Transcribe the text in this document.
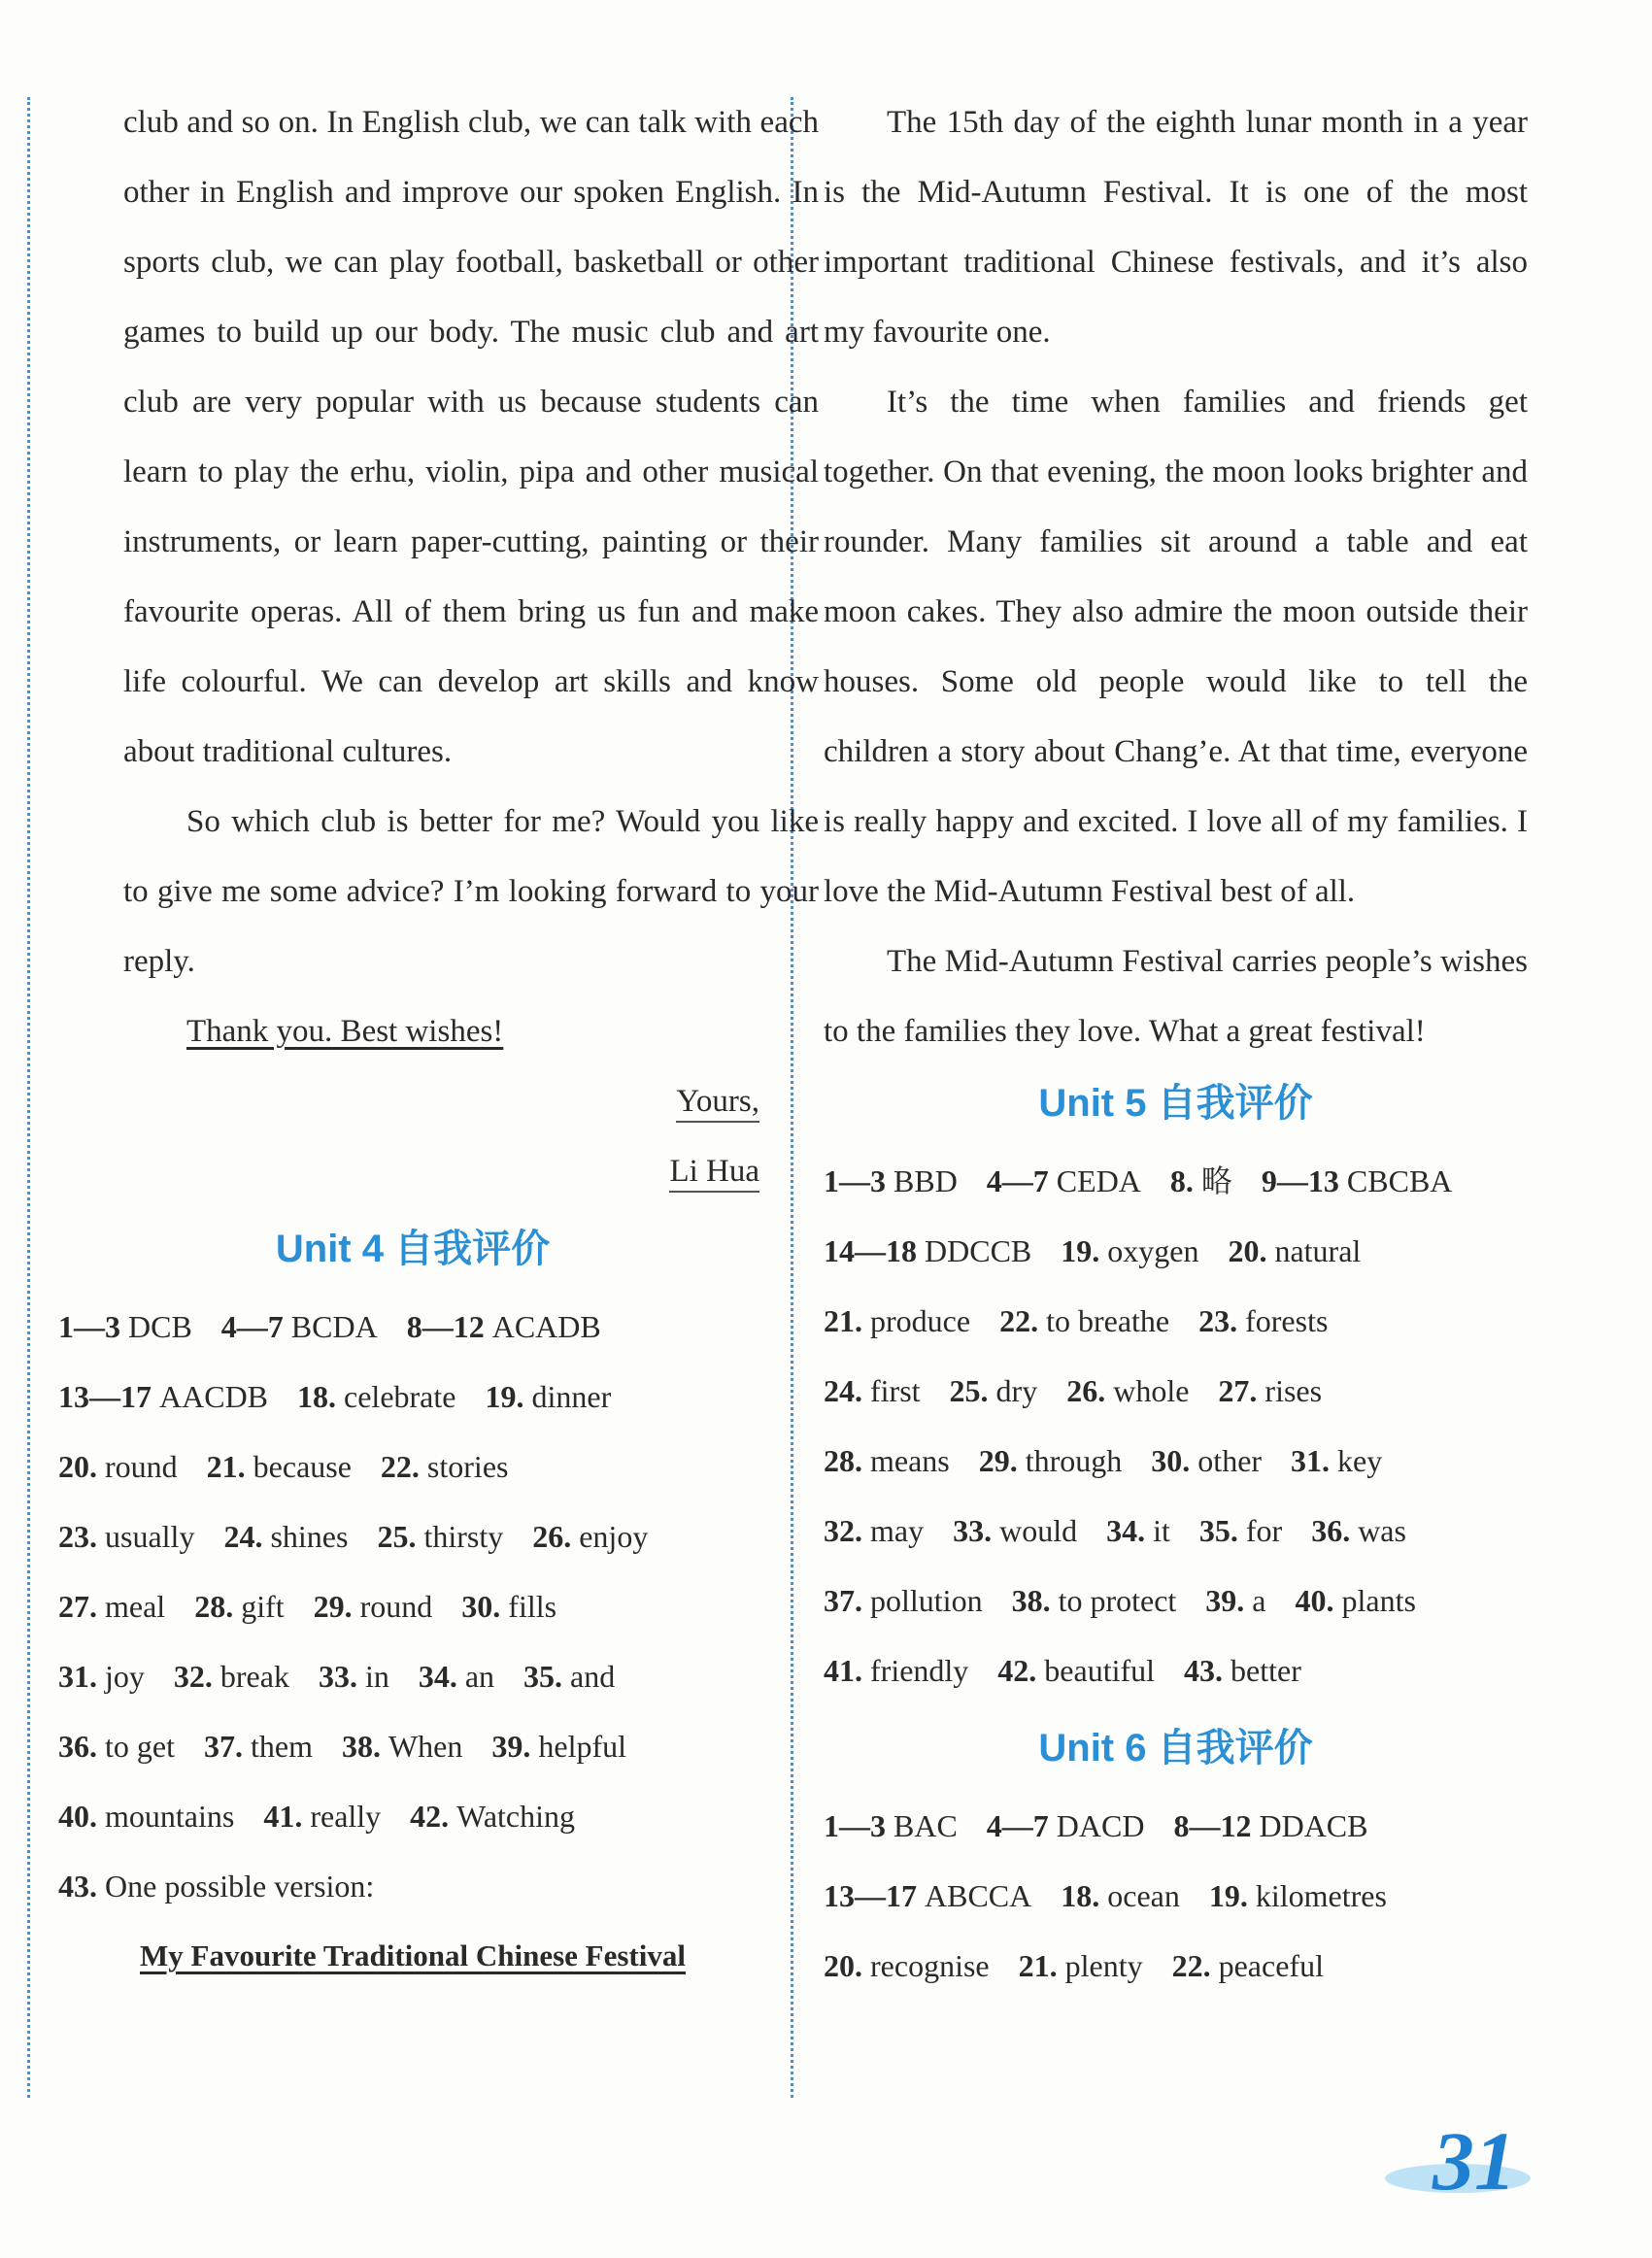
club and so on. In English club, we can talk with each other in English and improve our spoken English. In sports club, we can play football, basketball or other games to build up our body. The music club and art club are very popular with us because students can learn to play the erhu, violin, pipa and other musical instruments, or learn paper-cutting, painting or their favourite operas. All of them bring us fun and make life colourful. We can develop art skills and know about traditional cultures.

So which club is better for me? Would you like to give me some advice? I’m looking forward to your reply.

Thank you. Best wishes!
Yours,
Li Hua
Unit 4 自我评价
1—3 DCB 4—7 BCDA 8—12 ACADB
13—17 AACDB 18. celebrate 19. dinner
20. round 21. because 22. stories
23. usually 24. shines 25. thirsty 26. enjoy
27. meal 28. gift 29. round 30. fills
31. joy 32. break 33. in 34. an 35. and
36. to get 37. them 38. When 39. helpful
40. mountains 41. really 42. Watching
43. One possible version:

My Favourite Traditional Chinese Festival

The 15th day of the eighth lunar month in a year is the Mid-Autumn Festival. It is one of the most important traditional Chinese festivals, and it’s also my favourite one.

It’s the time when families and friends get together. On that evening, the moon looks brighter and rounder. Many families sit around a table and eat moon cakes. They also admire the moon outside their houses. Some old people would like to tell the children a story about Chang’e. At that time, everyone is really happy and excited. I love all of my families. I love the Mid-Autumn Festival best of all.

The Mid-Autumn Festival carries people’s wishes to the families they love. What a great festival!

Unit 5 自我评价
1—3 BBD 4—7 CEDA 8. 略 9—13 CBCBA
14—18 DDCCB 19. oxygen 20. natural
21. produce 22. to breathe 23. forests
24. first 25. dry 26. whole 27. rises
28. means 29. through 30. other 31. key
32. may 33. would 34. it 35. for 36. was
37. pollution 38. to protect 39. a 40. plants
41. friendly 42. beautiful 43. better
Unit 6 自我评价
1—3 BAC 4—7 DACD 8—12 DDACB
13—17 ABCCA 18. ocean 19. kilometres
20. recognise 21. plenty 22. peaceful
31
